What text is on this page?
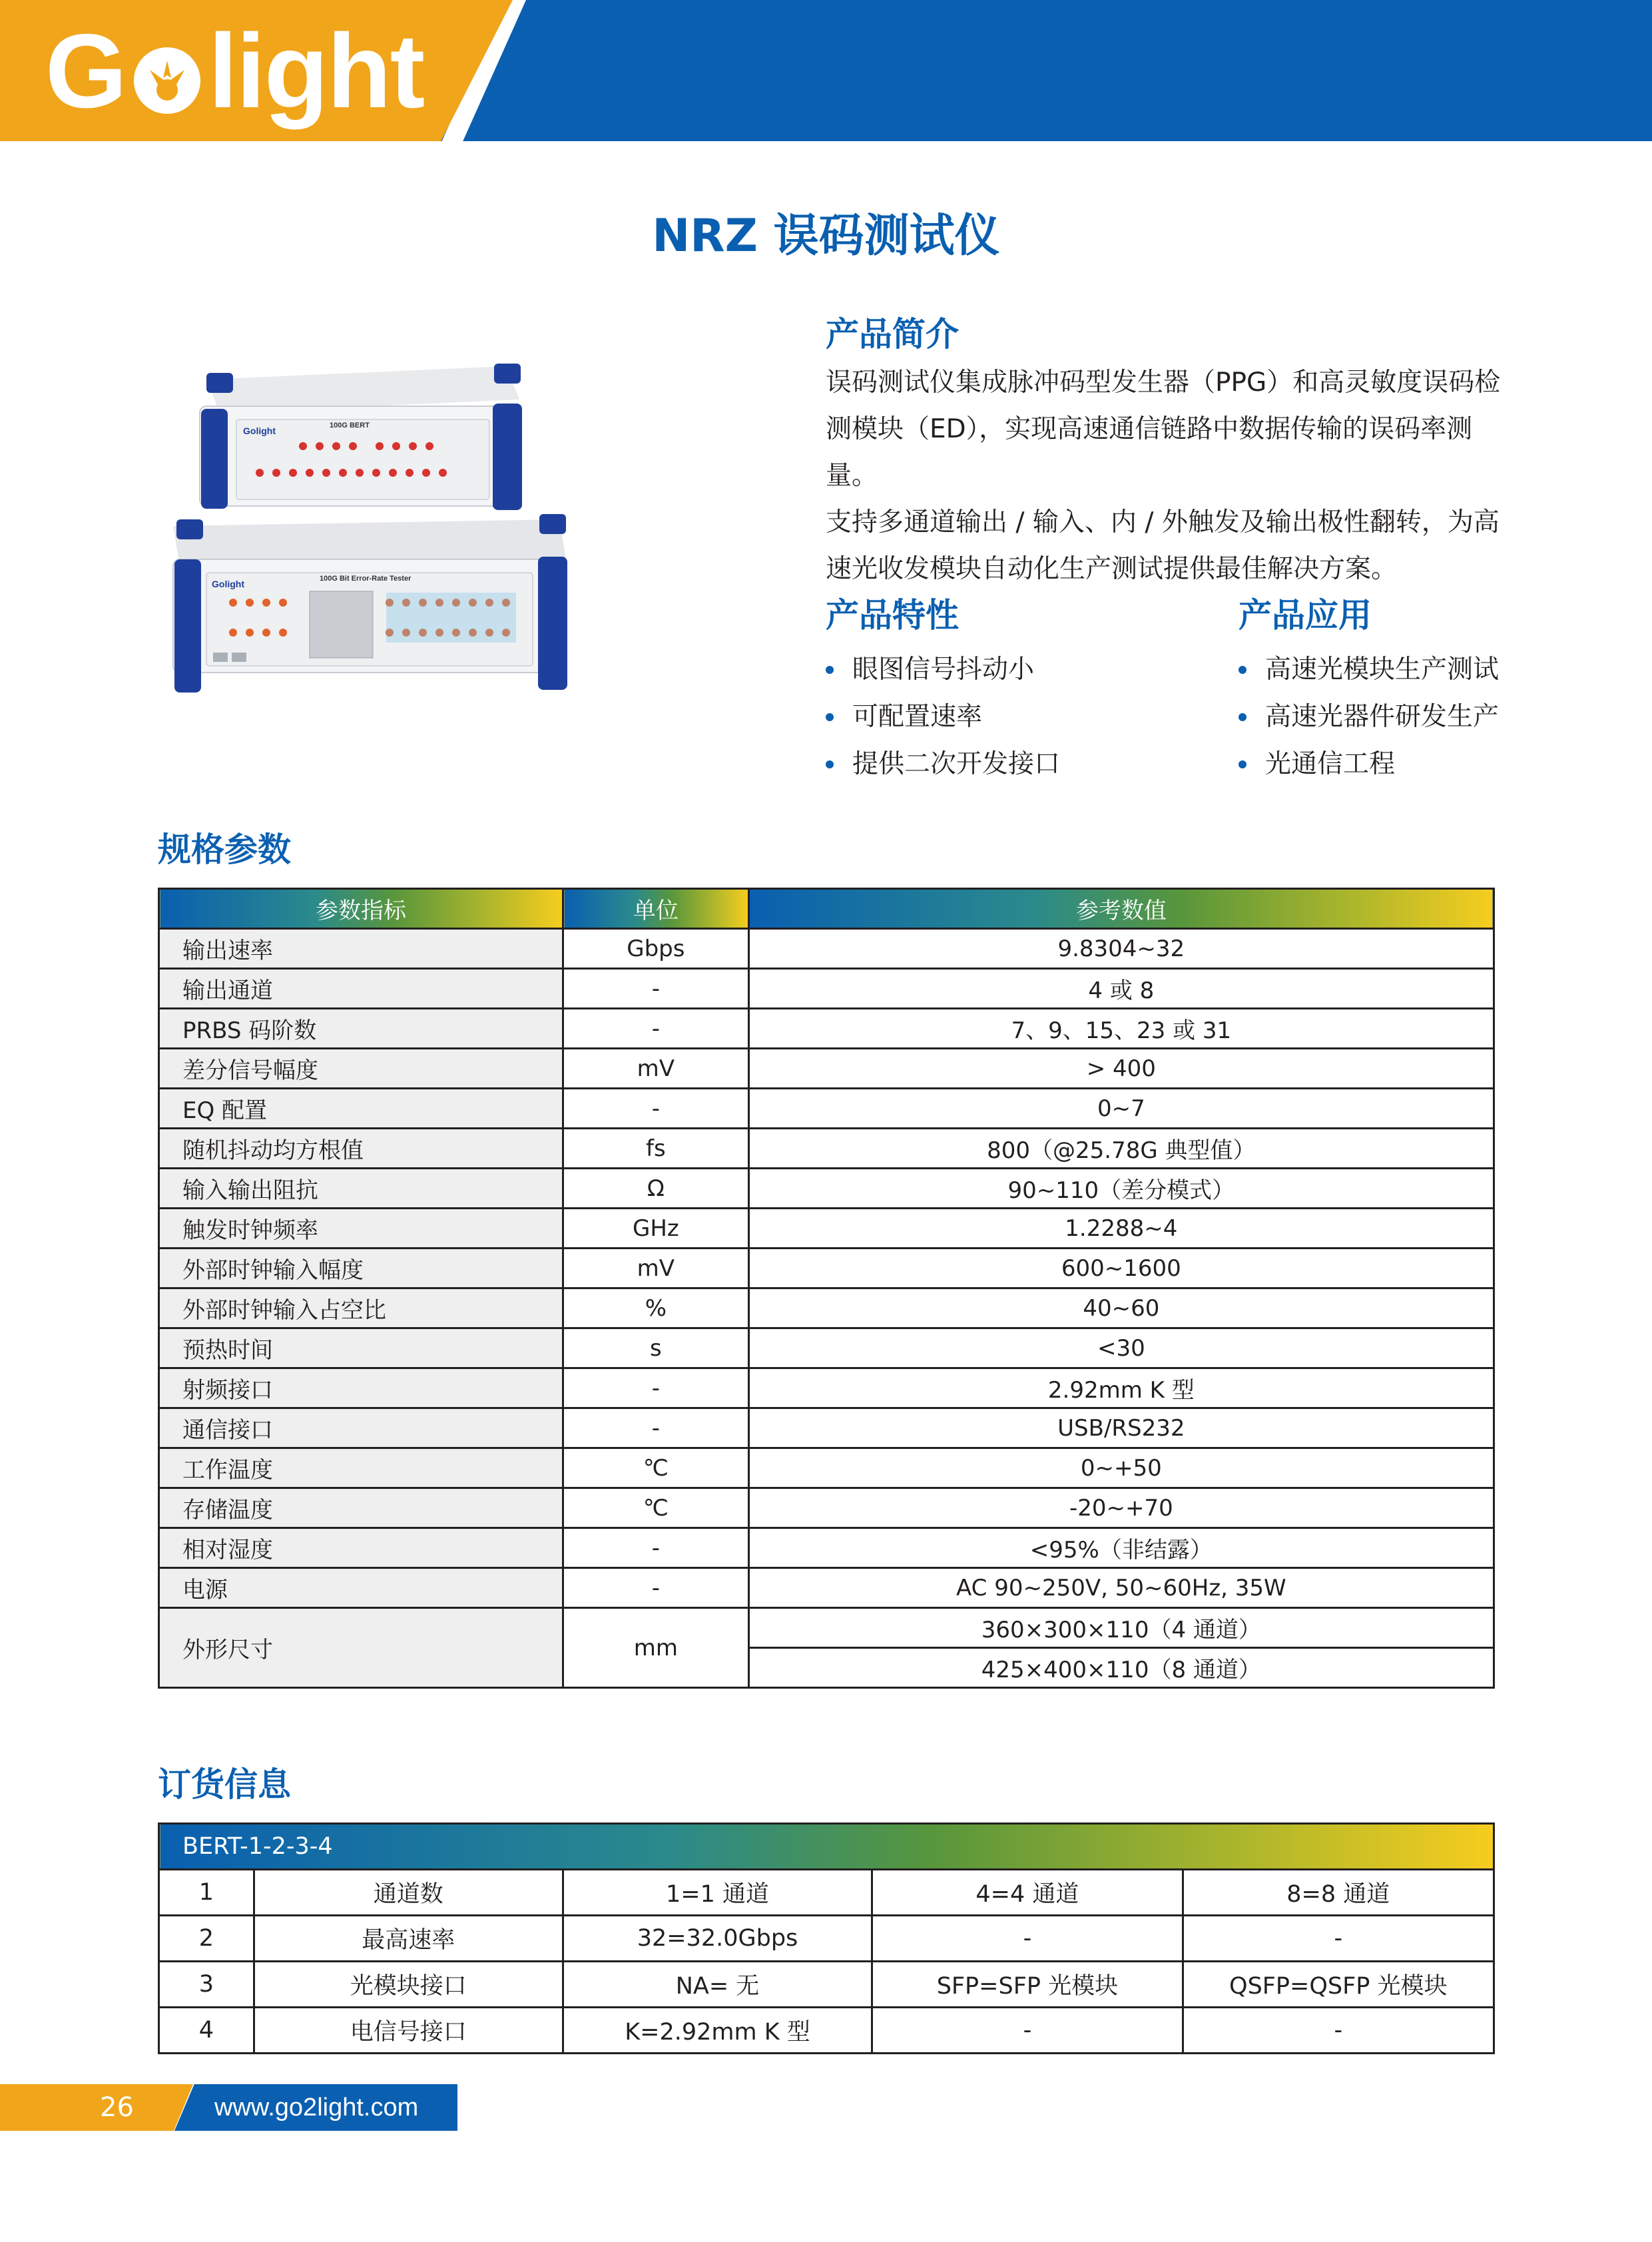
G light
NRZ 误码测试仪
Golight	100G BERT
Golight	100G Bit Error-Rate Tester
产品简介
误码测试仪集成脉冲码型发生器（PPG）和高灵敏度误码检
测模块（ED），实现高速通信链路中数据传输的误码率测量。
支持多通道输出 / 输入、内 / 外触发及输出极性翻转，为高
速光收发模块自动化生产测试提供最佳解决方案。
产品特性
眼图信号抖动小
可配置速率
提供二次开发接口
产品应用
高速光模块生产测试
高速光器件研发生产
光通信工程
规格参数
参数指标	单位	参考数值
输出速率	Gbps	9.8304~32
输出通道	-	4 或 8
PRBS 码阶数	-	7、9、15、23 或 31
差分信号幅度	mV	> 400
EQ 配置	-	0~7
随机抖动均方根值	fs	800（@25.78G 典型值）
输入输出阻抗	Ω	90~110（差分模式）
触发时钟频率	GHz	1.2288~4
外部时钟输入幅度	mV	600~1600
外部时钟输入占空比	%	40~60
预热时间	s	<30
射频接口	-	2.92mm K 型
通信接口	-	USB/RS232
工作温度	℃	0~+50
存储温度	℃	-20~+70
相对湿度	-	<95%（非结露）
电源	-	AC 90~250V, 50~60Hz, 35W
外形尺寸	mm	360×300×110（4 通道）
		425×400×110（8 通道）
订货信息
BERT-1-2-3-4				
1	通道数	1=1 通道	4=4 通道	8=8 通道
2	最高速率	32=32.0Gbps	-	-
3	光模块接口	NA= 无	SFP=SFP 光模块	QSFP=QSFP 光模块
4	电信号接口	K=2.92mm K 型	-	-
26	www.go2light.com
